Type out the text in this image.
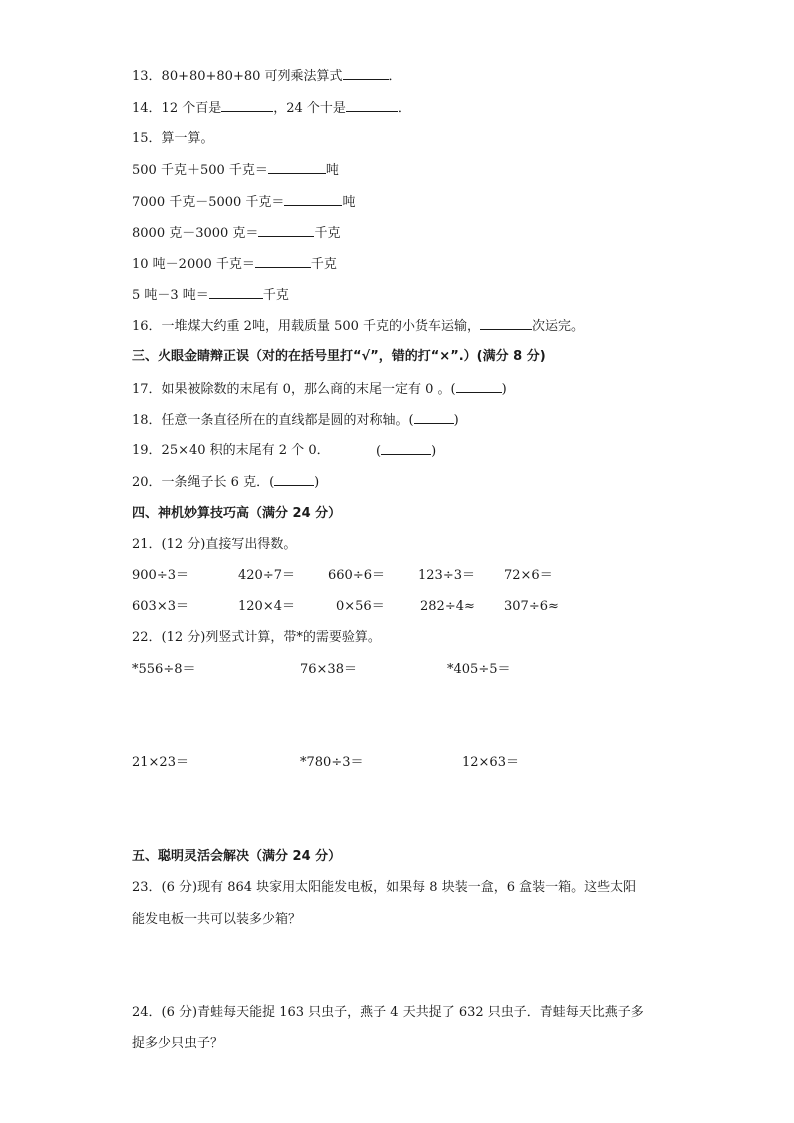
13．80+80+80+80 可列乘法算式	．
14．12 个百是	，24 个十是	．
15．算一算。
500 千克＋500 千克＝	吨
7000 千克－5000 千克＝	吨
8000 克－3000 克＝	千克
10 吨－2000 千克＝	千克
5 吨－3 吨＝	千克
16．一堆煤大约重 2吨，用载质量 500 千克的小货车运输，	次运完。
三、火眼金睛辩正误（对的在括号里打“√”，错的打“×”.）(满分 8 分)
17．如果被除数的末尾有 0，那么商的末尾一定有 0 。(	)
18．任意一条直径所在的直线都是圆的对称轴。(	)
19．25×40 积的末尾有 2 个 0．	(	)
20．一条绳子长 6 克．(	)
四、神机妙算技巧高（满分 24 分）
21．(12 分)直接写出得数。
900÷3＝	420÷7＝	660÷6＝	123÷3＝ 72×6＝
603×3＝	120×4＝	0×56＝	282÷4≈ 307÷6≈
22．(12 分)列竖式计算，带*的需要验算。
*556÷8＝	76×38＝	*405÷5＝
21×23＝	*780÷3＝	12×63＝
五、聪明灵活会解决（满分 24 分）
23．(6 分)现有 864 块家用太阳能发电板，如果每 8 块装一盒，6 盒装一箱。这些太阳
能发电板一共可以装多少箱？
24．(6 分)青蛙每天能捉 163 只虫子，燕子 4 天共捉了 632 只虫子．青蛙每天比燕子多
捉多少只虫子？
